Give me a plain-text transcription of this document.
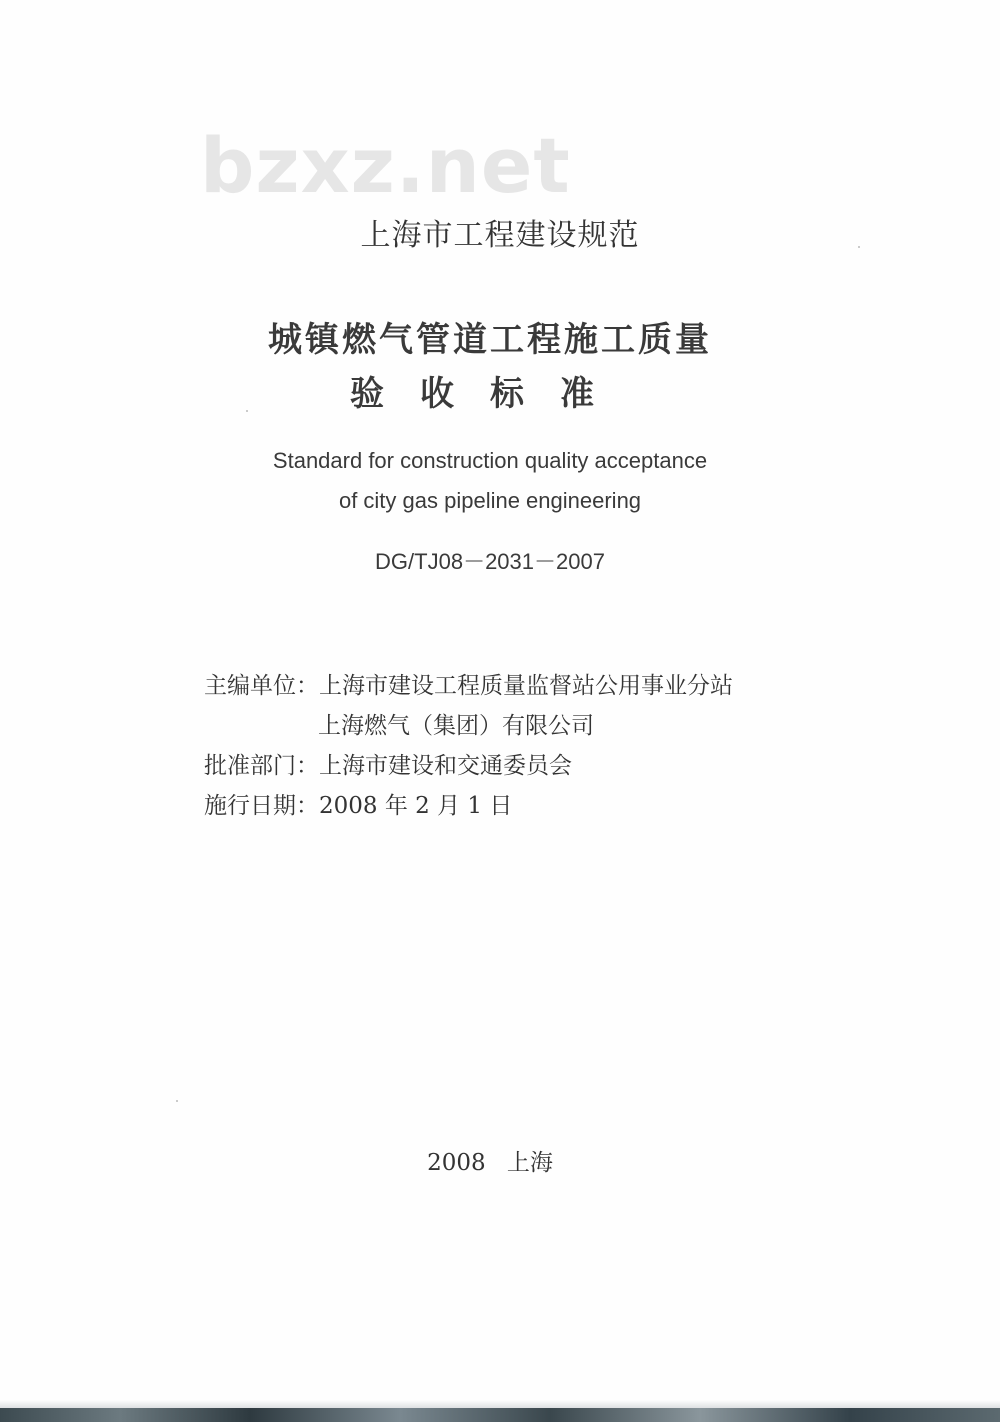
bzxz.net
上海市工程建设规范
城镇燃气管道工程施工质量
验收标准
Standard for construction quality acceptance
of city gas pipeline engineering
DG/TJ08－2031－2007
主编单位：上海市建设工程质量监督站公用事业分站
上海燃气（集团）有限公司
批准部门：上海市建设和交通委员会
施行日期：2008 年 2 月 1 日
2008 上海
